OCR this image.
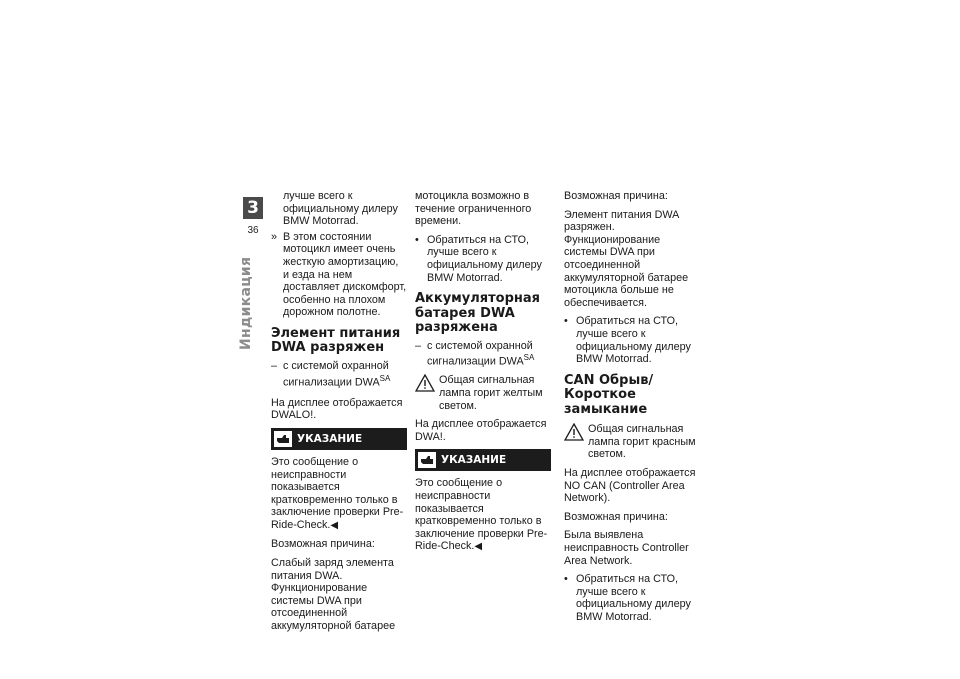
3
36
Индикация
лучше всего к официальному дилеру BMW Motorrad.
» В этом состоянии мотоцикл имеет очень жесткую амортизацию, и езда на нем доставляет дискомфорт, особенно на плохом дорожном полотне.
Элемент питания DWA разряжен
– с системой охранной сигнализации $DWA^{SA}$

На дисплее отображается DWALO!.

УКАЗАНИЕ

Это сообщение о неисправности показывается кратковременно только в заключение проверки Pre-Ride-Check.◀

Возможная причина:

Слабый заряд элемента питания DWA. Функционирование системы DWA при отсоединенной аккумуляторной батарее

мотоцикла возможно в течение ограниченного времени.

• Обратиться на СТО, лучше всего к официальному дилеру BMW Motorrad.
Аккумуляторная батарея DWA разряжена
– с системой охранной сигнализации $DWA^{SA}$
Общая сигнальная лампа горит желтым светом.

На дисплее отображается DWA!.

УКАЗАНИЕ

Это сообщение о неисправности показывается кратковременно только в заключение проверки Pre-Ride-Check.◀

Возможная причина:

Элемент питания DWA разряжен. Функционирование системы DWA при отсоединенной аккумуляторной батарее мотоцикла больше не обеспечивается.

• Обратиться на СТО, лучше всего к официальному дилеру BMW Motorrad.
CAN Обрыв/Короткое замыкание
Общая сигнальная лампа горит красным светом.

На дисплее отображается NO CAN (Controller Area Network).

Возможная причина:

Была выявлена неисправность Controller Area Network.

• Обратиться на СТО, лучше всего к официальному дилеру BMW Motorrad.
